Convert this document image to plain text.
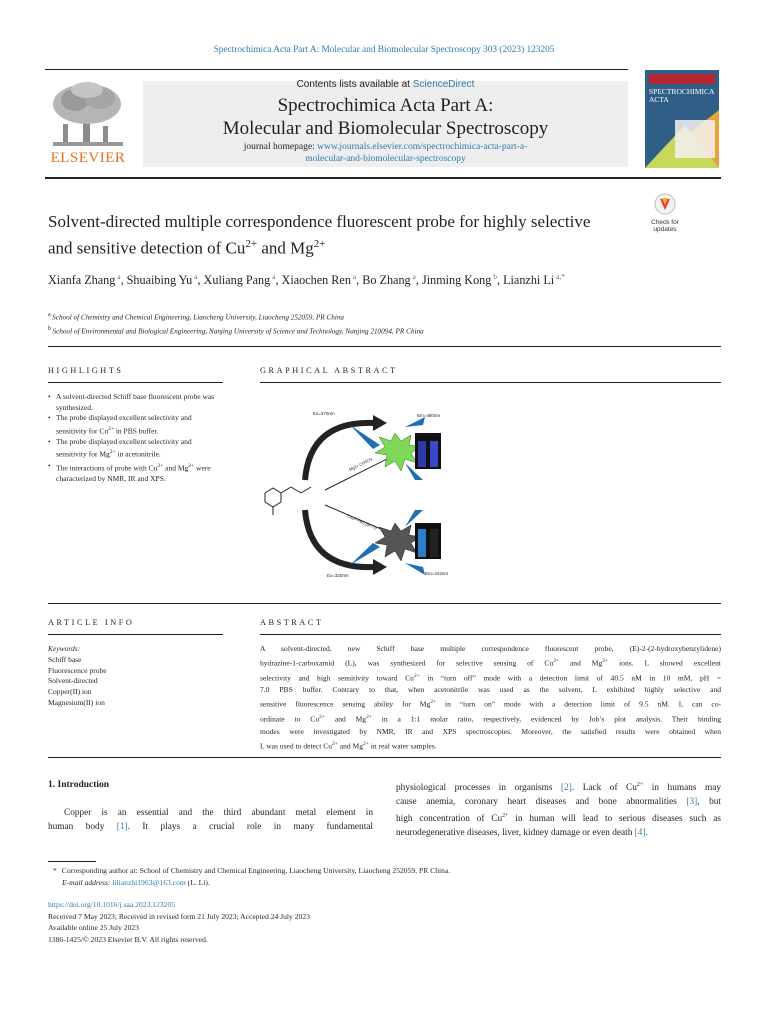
Spectrochimica Acta Part A: Molecular and Biomolecular Spectroscopy 303 (2023) 123205
ELSEVIER
Contents lists available at ScienceDirect
Spectrochimica Acta Part A:
Molecular and Biomolecular Spectroscopy
journal homepage: www.journals.elsevier.com/spectrochimica-acta-part-a-
molecular-and-biomolecular-spectroscopy
SPECTROCHIMICA ACTA
Check for
updates
Solvent-directed multiple correspondence fluorescent probe for highly selective and sensitive detection of $Cu^{2+}$ and $Mg^{2+}$
Xianfa Zhang $^a$, Shuaibing Yu $^a$, Xuliang Pang $^a$, Xiaochen Ren $^a$, Bo Zhang $^a$, Jinming Kong $^b$, Lianzhi Li $^{a,*}$
$^a$ School of Chemistry and Chemical Engineering, Liaocheng University, Liaocheng 252059, PR China
$^b$ School of Environmental and Biological Engineering, Nanjing University of Science and Technology, Nanjing 210094, PR China
HIGHLIGHTS
• A solvent-directed Schiff base fluorescent probe was synthesized.
• The probe displayed excellent selectivity and sensitivity for $Cu^{2+}$ in PBS buffer.
• The probe displayed excellent selectivity and sensitivity for $Mg^{2+}$ in acetonitrile.
• The interactions of probe with $Cu^{2+}$ and $Mg^{2+}$ were characterized by NMR, IR and XPS.
GRAPHICAL ABSTRACT
Turn On
Turn Off
Mg2+ CH3CN
Cu2+ PBS pH 7.0
Ex=370nm	Em=480nm
Ex=320nm	Em=442nm
ARTICLE INFO
Keywords:
Schiff base
Fluorescence probe
Solvent-directed
Copper(II) ion
Magnesium(II) ion
ABSTRACT
A solvent-directed, new Schiff base multiple correspondence fluorescent probe, (E)-2-(2-hydroxybenzylidene)
hydrazine-1-carboxamid (L), was synthesized for selective sensing of $Cu^{2+}$ and $Mg^{2+}$ ions. L showed excellent
selectivity and high sensitivity toward $Cu^{2+}$ in “turn off” mode with a detection limit of 40.5 nM in 10 mM, pH =
7.0 PBS buffer. Contrary to that, when acetonitrile was used as the solvent, L exhibited highly selective and
sensitive fluorescence sensing ability for $Mg^{2+}$ in “turn on” mode with a detection limit of 9.5 nM. L can co-
ordinate to $Cu^{2+}$ and $Mg^{2+}$ in a 1:1 molar ratio, respectively, evidenced by Job’s plot analysis. Their binding
modes were investigated by NMR, IR and XPS spectroscopies. Moreover, the satisfied results were obtained when
L was used to detect $Cu^{2+}$ and $Mg^{2+}$ in real water samples.
1. Introduction
Copper is an essential and the third abundant metal element in
human body [1]. It plays a crucial role in many fundamental
physiological processes in organisms [2]. Lack of $Cu^{2+}$ in humans may
cause anemia, coronary heart diseases and bone abnormalities [3], but
high concentration of $Cu^{2+}$ in human will lead to serious diseases such as
neurodegenerative diseases, liver, kidney damage or even death [4].
* Corresponding author at: School of Chemistry and Chemical Engineering, Liaocheng University, Liaocheng 252059, PR China.
E-mail address: lilianzhi1963@163.com (L. Li).
https://doi.org/10.1016/j.saa.2023.123205
Received 7 May 2023; Received in revised form 21 July 2023; Accepted 24 July 2023
Available online 25 July 2023
1386-1425/© 2023 Elsevier B.V. All rights reserved.
